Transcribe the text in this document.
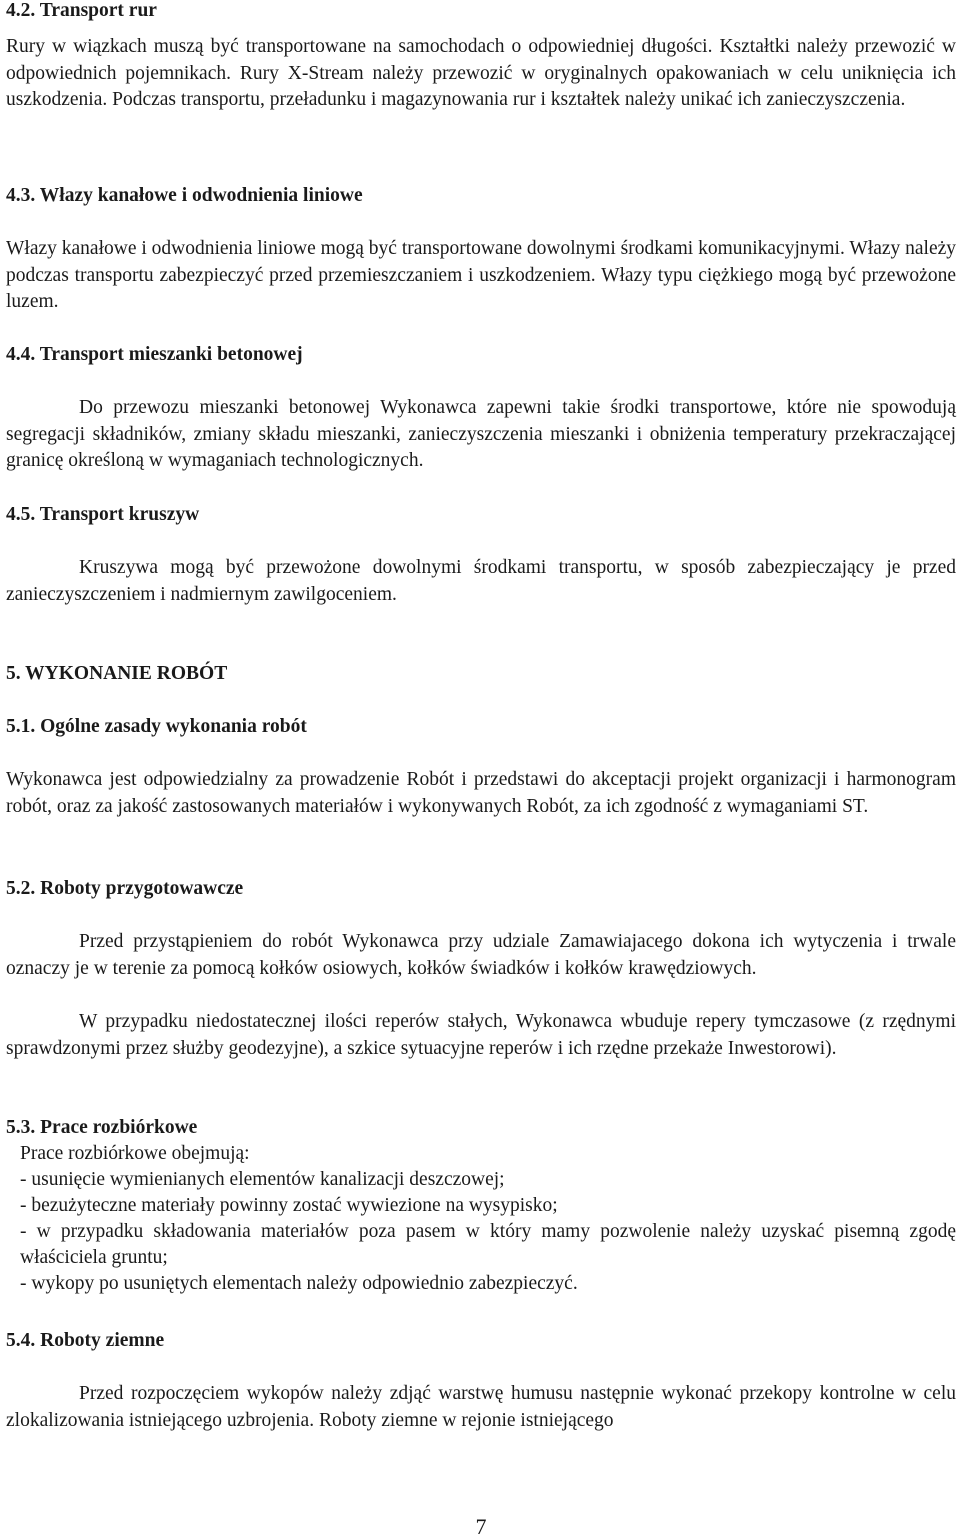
4.2. Transport rur

Rury w wiązkach muszą być transportowane na samochodach o odpowiedniej długości. Kształtki należy przewozić w odpowiednich pojemnikach. Rury X-Stream należy przewozić w oryginalnych opakowaniach w celu uniknięcia ich uszkodzenia. Podczas transportu, przeładunku i magazynowania rur i kształtek należy unikać ich zanieczyszczenia.

4.3. Włazy kanałowe i odwodnienia liniowe

Włazy kanałowe i odwodnienia liniowe mogą być transportowane dowolnymi środkami komunikacyjnymi. Włazy należy podczas transportu zabezpieczyć przed przemieszczaniem i uszkodzeniem. Włazy typu ciężkiego mogą być przewożone luzem.

4.4. Transport mieszanki betonowej

Do przewozu mieszanki betonowej Wykonawca zapewni takie środki transportowe, które nie spowodują segregacji składników, zmiany składu mieszanki, zanieczyszczenia mieszanki i obniżenia temperatury przekraczającej granicę określoną w wymaganiach technologicznych.

4.5. Transport kruszyw

Kruszywa mogą być przewożone dowolnymi środkami transportu, w sposób zabezpieczający je przed zanieczyszczeniem i nadmiernym zawilgoceniem.

5. WYKONANIE ROBÓT
5.1. Ogólne zasady wykonania robót

Wykonawca jest odpowiedzialny za prowadzenie Robót i przedstawi do akceptacji projekt organizacji i harmonogram robót, oraz za jakość zastosowanych materiałów i wykonywanych Robót, za ich zgodność z wymaganiami ST.

5.2. Roboty przygotowawcze

Przed przystąpieniem do robót Wykonawca przy udziale Zamawiajacego dokona ich wytyczenia i trwale oznaczy je w terenie za pomocą kołków osiowych, kołków świadków i kołków krawędziowych.

W przypadku niedostatecznej ilości reperów stałych, Wykonawca wbuduje repery tymczasowe (z rzędnymi sprawdzonymi przez służby geodezyjne), a szkice sytuacyjne reperów i ich rzędne przekaże Inwestorowi).

5.3. Prace rozbiórkowe
Prace rozbiórkowe obejmują:
- usunięcie wymienianych elementów kanalizacji deszczowej;
- bezużyteczne materiały powinny zostać wywiezione na wysypisko;
- w przypadku składowania materiałów poza pasem w który mamy pozwolenie należy uzyskać pisemną zgodę właściciela gruntu;
- wykopy po usuniętych elementach należy odpowiednio zabezpieczyć.
5.4. Roboty ziemne

Przed rozpoczęciem wykopów należy zdjąć warstwę humusu następnie wykonać przekopy kontrolne w celu zlokalizowania istniejącego uzbrojenia. Roboty ziemne w rejonie istniejącego

7
